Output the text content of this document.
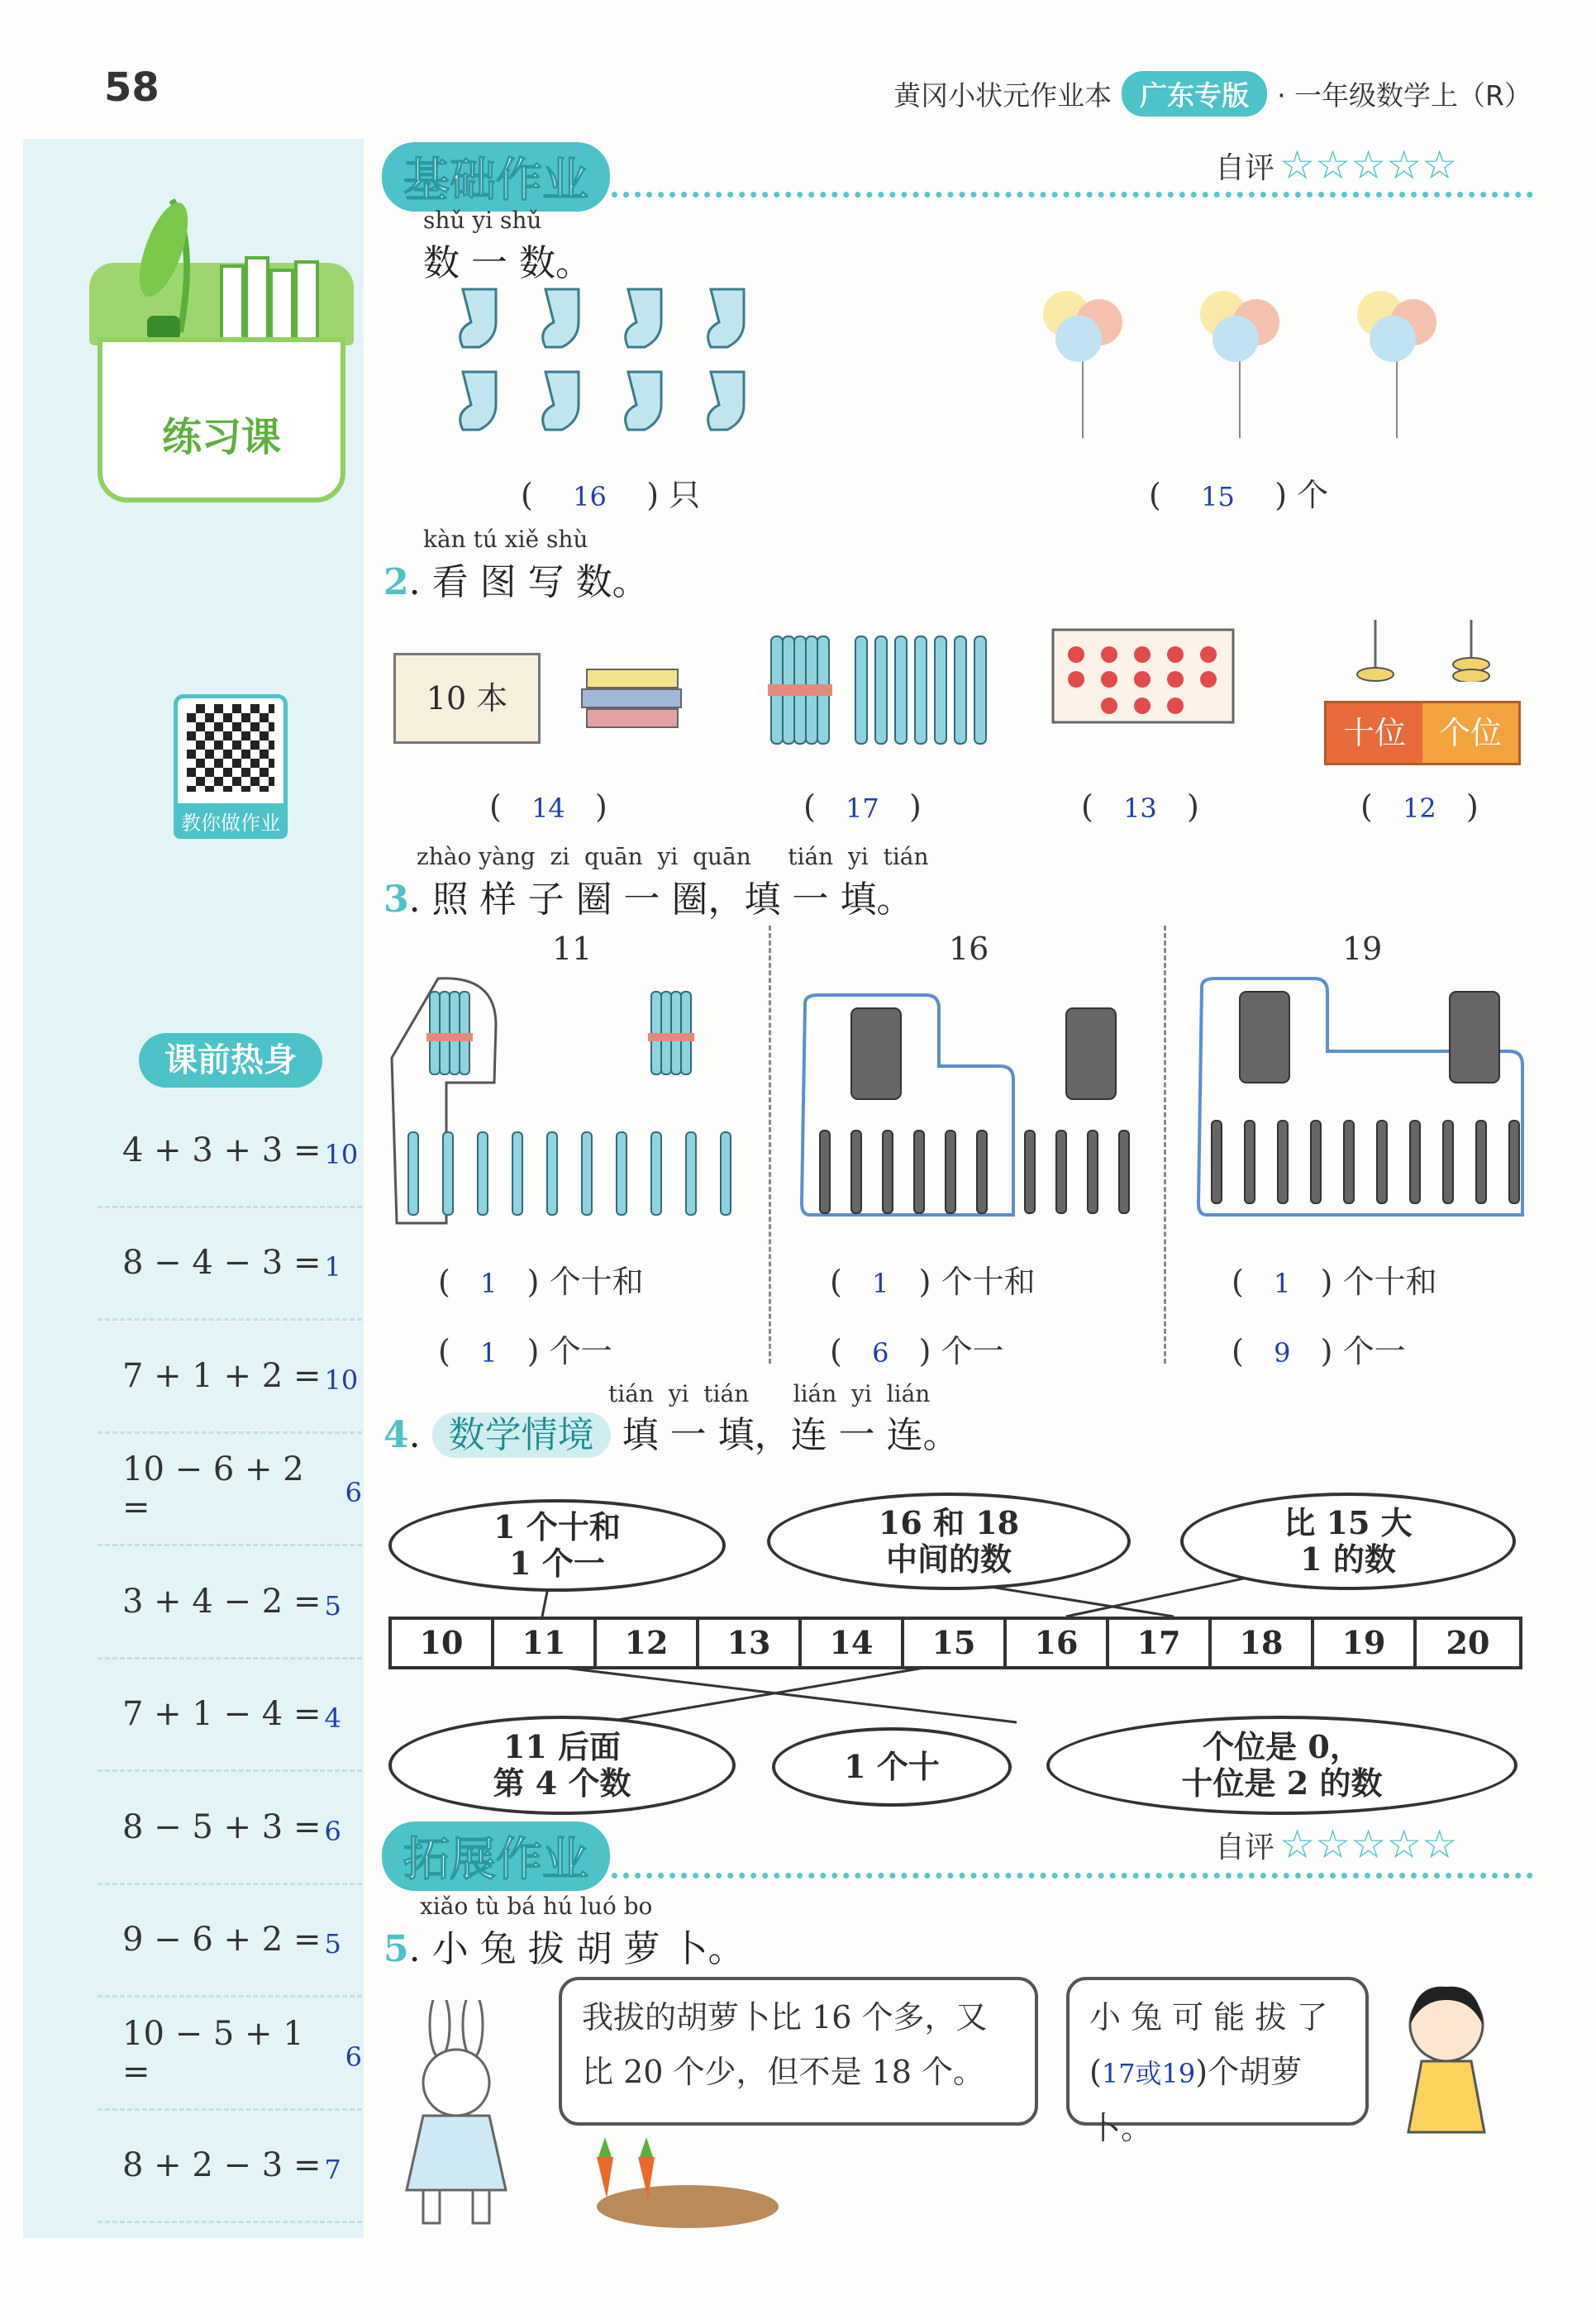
58	黄冈小状元作业本	广东专版	· 一年级数学上（R）
练习课
教你做作业
课前热身
4 + 3 + 3 = 10
8 − 4 − 3 = 1
7 + 1 + 2 = 10
10 − 6 + 2 =	6
3 + 4 − 2 = 5
7 + 1 − 4 = 4
8 − 5 + 3 = 6
9 − 6 + 2 = 5
10 − 5 + 1 =	6
8 + 2 − 3 = 7
基础作业	自评 ☆☆☆☆☆
shǔ yi shǔ
数 一 数。
(    16    ) 只	(    15    ) 个
kàn tú xiě shù
2. 看 图 写 数。
10 本
十位	个位
(   14   )	(   17   )	(   13   )	(   12   )
zhào yàng  zi  quān  yi  quān     tián  yi  tián
3. 照 样 子 圈 一 圈，填 一 填。
11	16	19
(   1   ) 个十和
(   1   ) 个一
(   1   ) 个十和
(   6   ) 个一
(   1   ) 个十和
(   9   ) 个一
tián  yi  tián      lián  yi  lián
4. 数学情境 填 一 填，连 一 连。
1 个十和
1 个一
16 和 18
中间的数
比 15 大
1 的数
10	11	12	13	14	15	16	17	18	19	20
11 后面
第 4 个数	1 个十
个位是 0，
十位是 2 的数
拓展作业	自评 ☆☆☆☆☆
xiǎo tù bá hú luó bo
5. 小 兔 拔 胡 萝 卜。
我拔的胡萝卜比 16 个多，又比 20 个少，但不是 18 个。
小 兔 可 能 拔 了
(17或19)个胡萝卜。
